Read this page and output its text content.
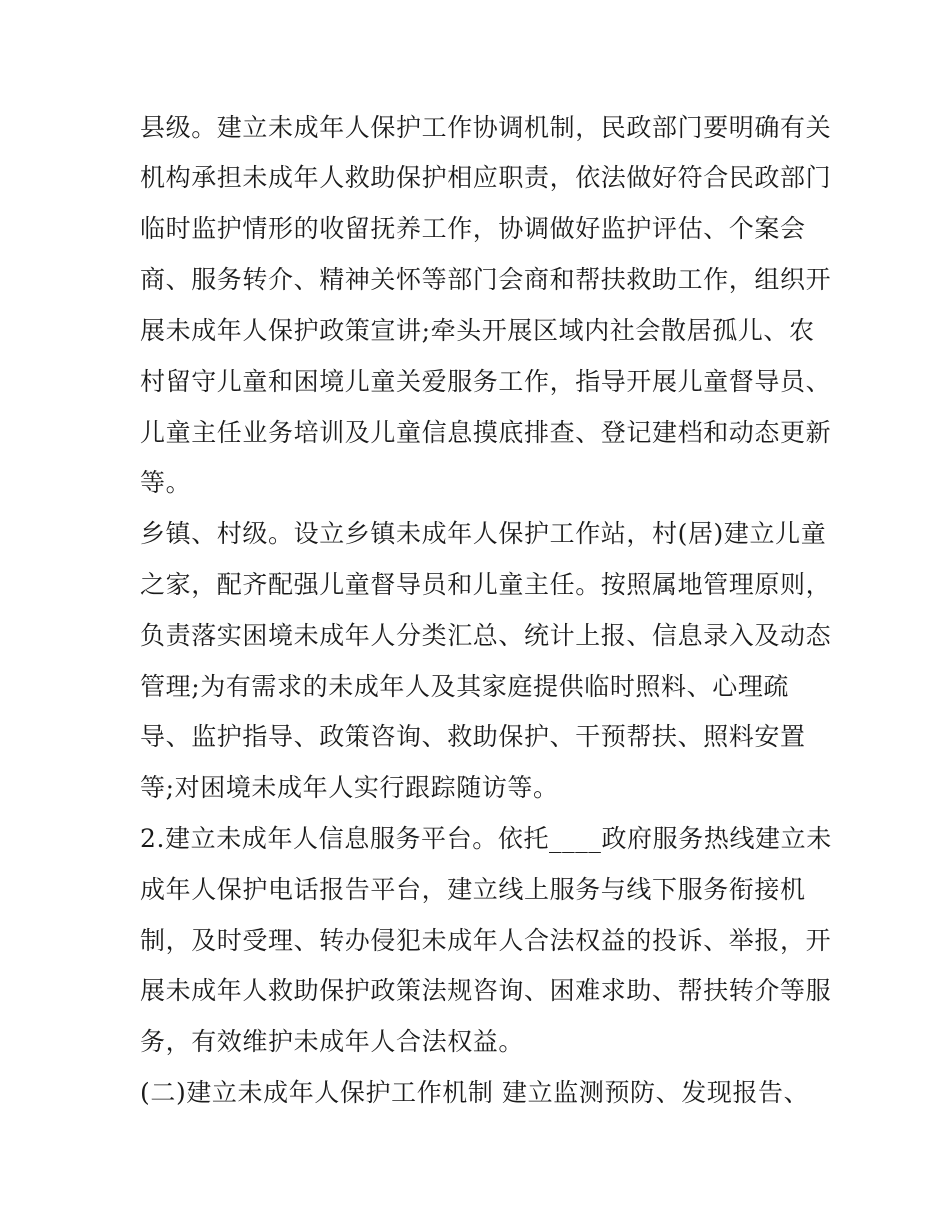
县级。建立未成年人保护工作协调机制，民政部门要明确有关
机构承担未成年人救助保护相应职责，依法做好符合民政部门
临时监护情形的收留抚养工作，协调做好监护评估、个案会
商、服务转介、精神关怀等部门会商和帮扶救助工作，组织开
展未成年人保护政策宣讲;牵头开展区域内社会散居孤儿、农
村留守儿童和困境儿童关爱服务工作，指导开展儿童督导员、
儿童主任业务培训及儿童信息摸底排查、登记建档和动态更新
等。
乡镇、村级。设立乡镇未成年人保护工作站，村(居)建立儿童
之家，配齐配强儿童督导员和儿童主任。按照属地管理原则，
负责落实困境未成年人分类汇总、统计上报、信息录入及动态
管理;为有需求的未成年人及其家庭提供临时照料、心理疏
导、监护指导、政策咨询、救助保护、干预帮扶、照料安置
等;对困境未成年人实行跟踪随访等。
2.建立未成年人信息服务平台。依托____政府服务热线建立未
成年人保护电话报告平台，建立线上服务与线下服务衔接机
制，及时受理、转办侵犯未成年人合法权益的投诉、举报，开
展未成年人救助保护政策法规咨询、困难求助、帮扶转介等服
务，有效维护未成年人合法权益。
(二)建立未成年人保护工作机制 建立监测预防、发现报告、
